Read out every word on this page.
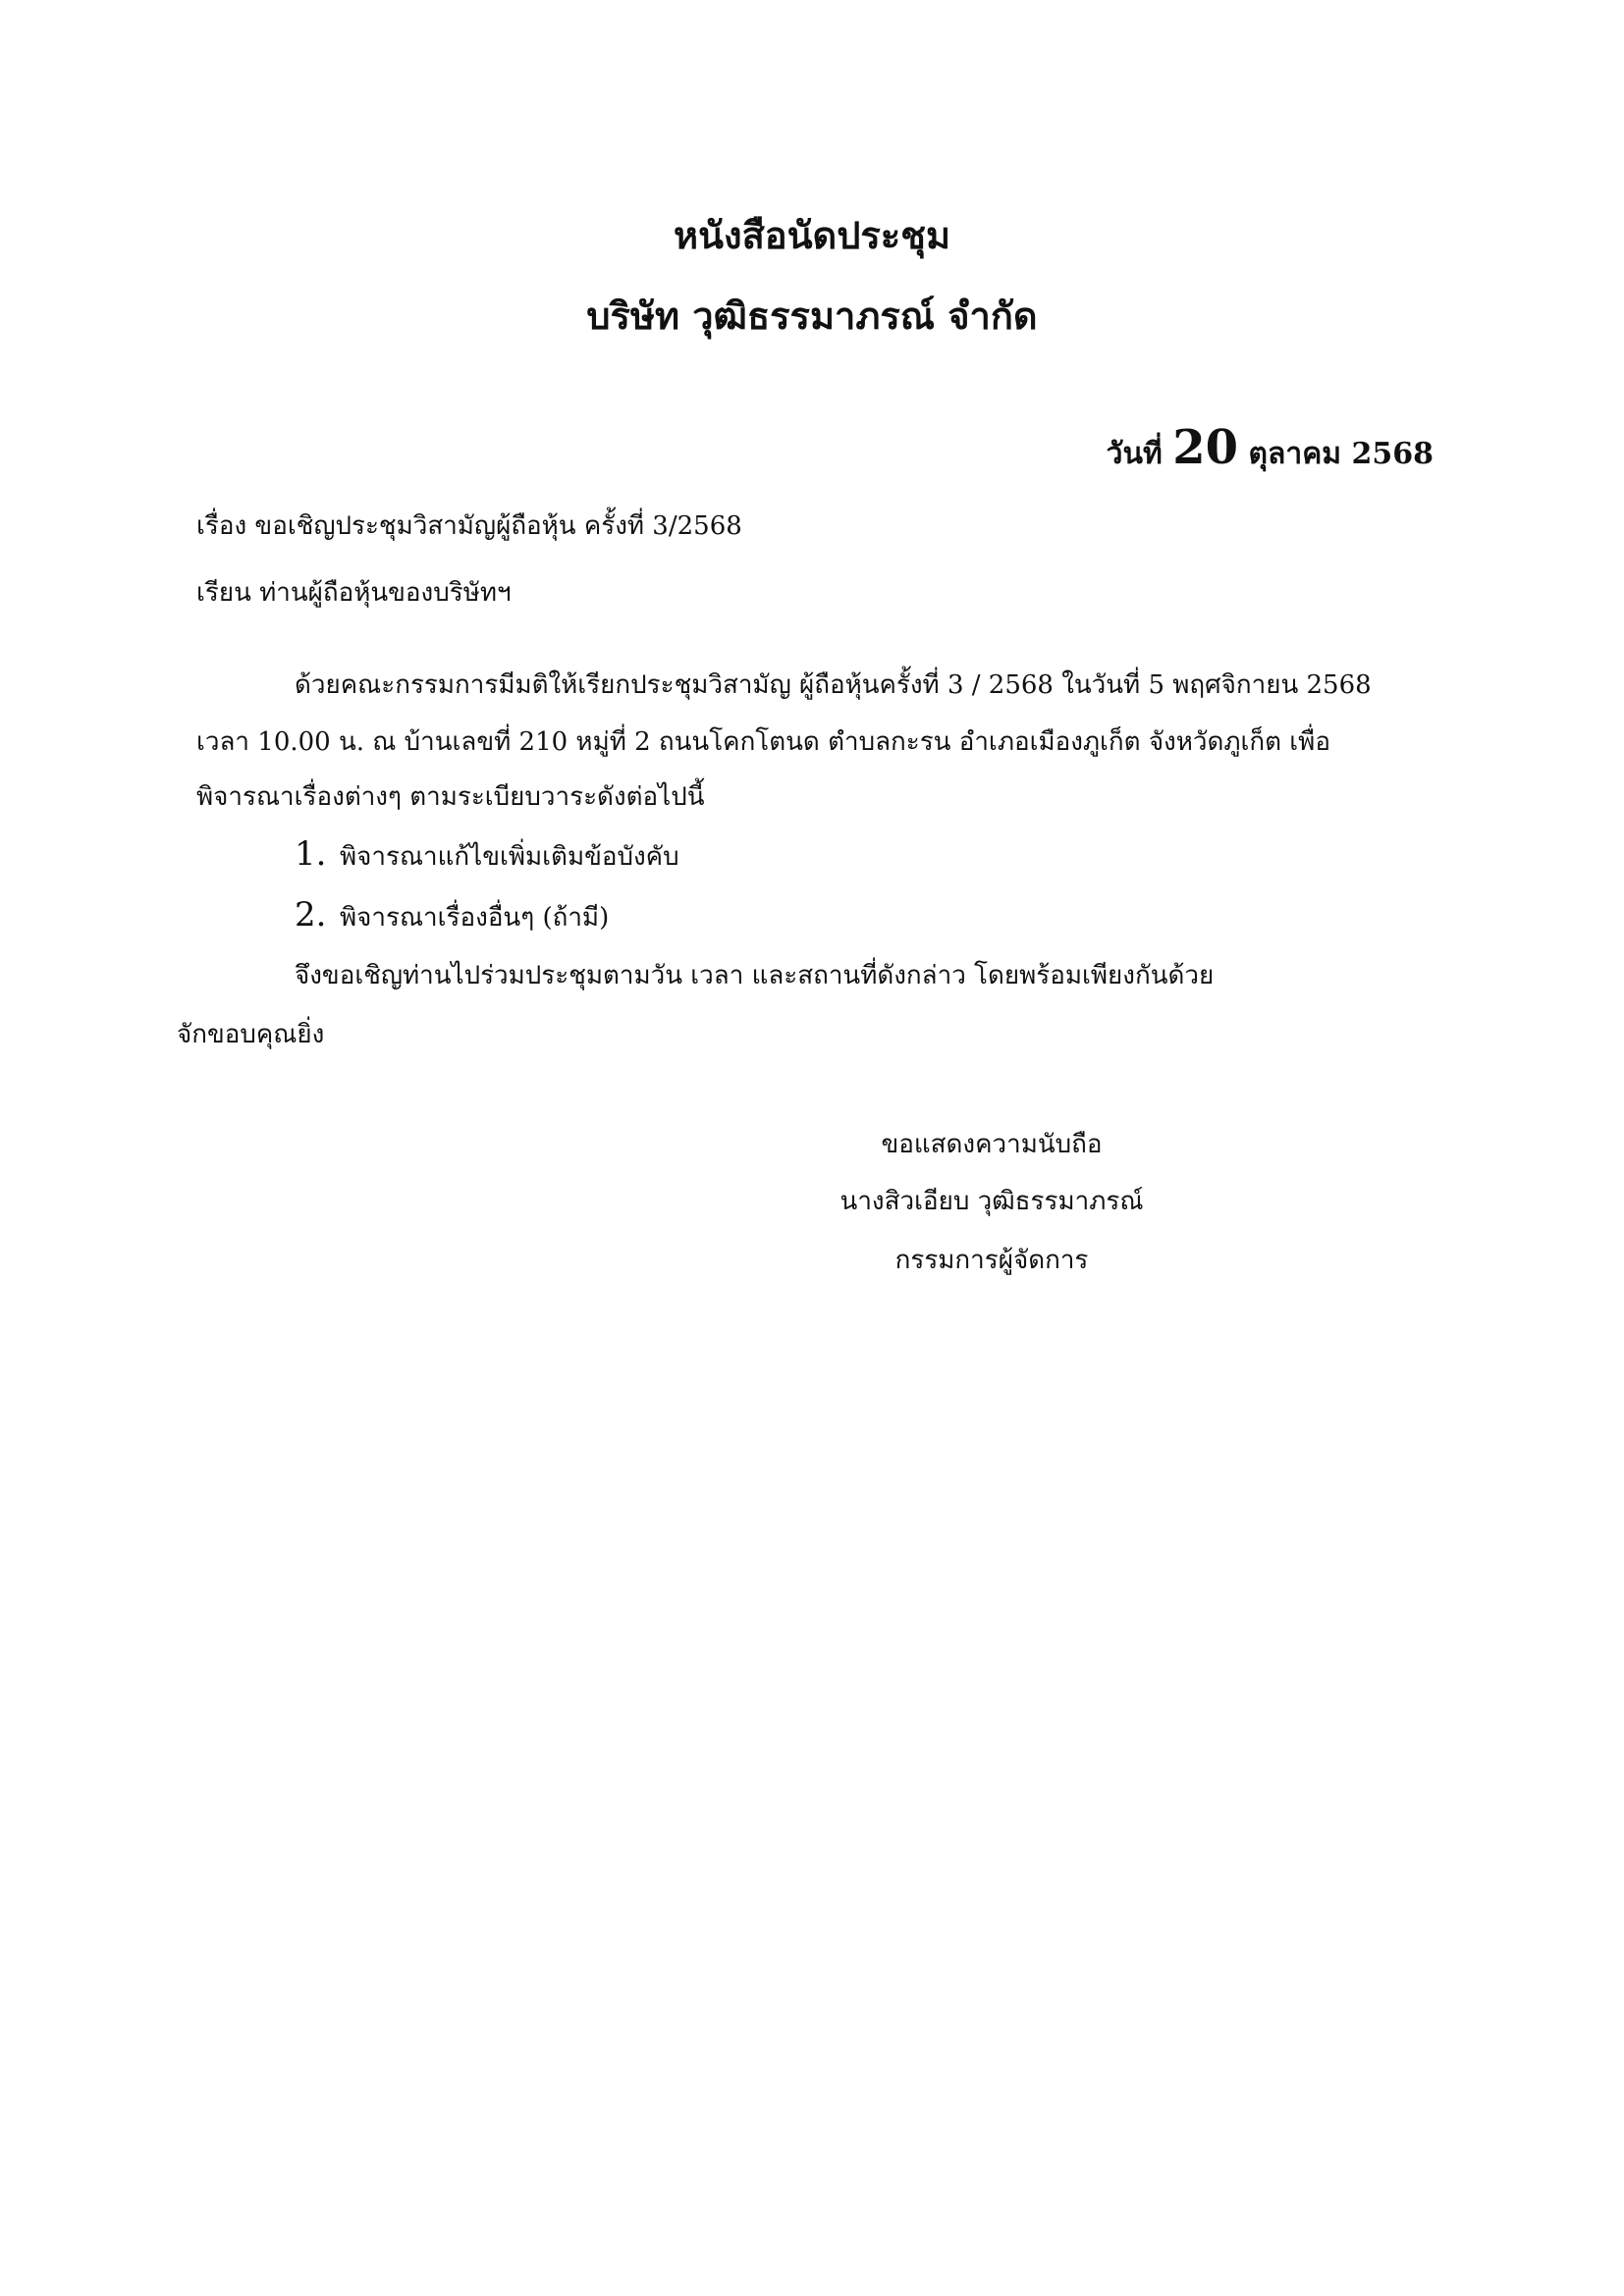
หนังสือนัดประชุม
บริษัท วุฒิธรรมาภรณ์ จำกัด
วันที่ 20 ตุลาคม 2568
เรื่อง ขอเชิญประชุมวิสามัญผู้ถือหุ้น ครั้งที่ 3/2568
เรียน ท่านผู้ถือหุ้นของบริษัทฯ
ด้วยคณะกรรมการมีมติให้เรียกประชุมวิสามัญ ผู้ถือหุ้นครั้งที่ 3 / 2568 ในวันที่ 5 พฤศจิกายน 2568
เวลา 10.00 น. ณ บ้านเลขที่ 210 หมู่ที่ 2 ถนนโคกโตนด ตำบลกะรน อำเภอเมืองภูเก็ต จังหวัดภูเก็ต เพื่อ
พิจารณาเรื่องต่างๆ ตามระเบียบวาระดังต่อไปนี้
1. พิจารณาแก้ไขเพิ่มเติมข้อบังคับ
2. พิจารณาเรื่องอื่นๆ (ถ้ามี)
จึงขอเชิญท่านไปร่วมประชุมตามวัน เวลา และสถานที่ดังกล่าว โดยพร้อมเพียงกันด้วย
จักขอบคุณยิ่ง
ขอแสดงความนับถือ
นางสิวเอียบ วุฒิธรรมาภรณ์
กรรมการผู้จัดการ
